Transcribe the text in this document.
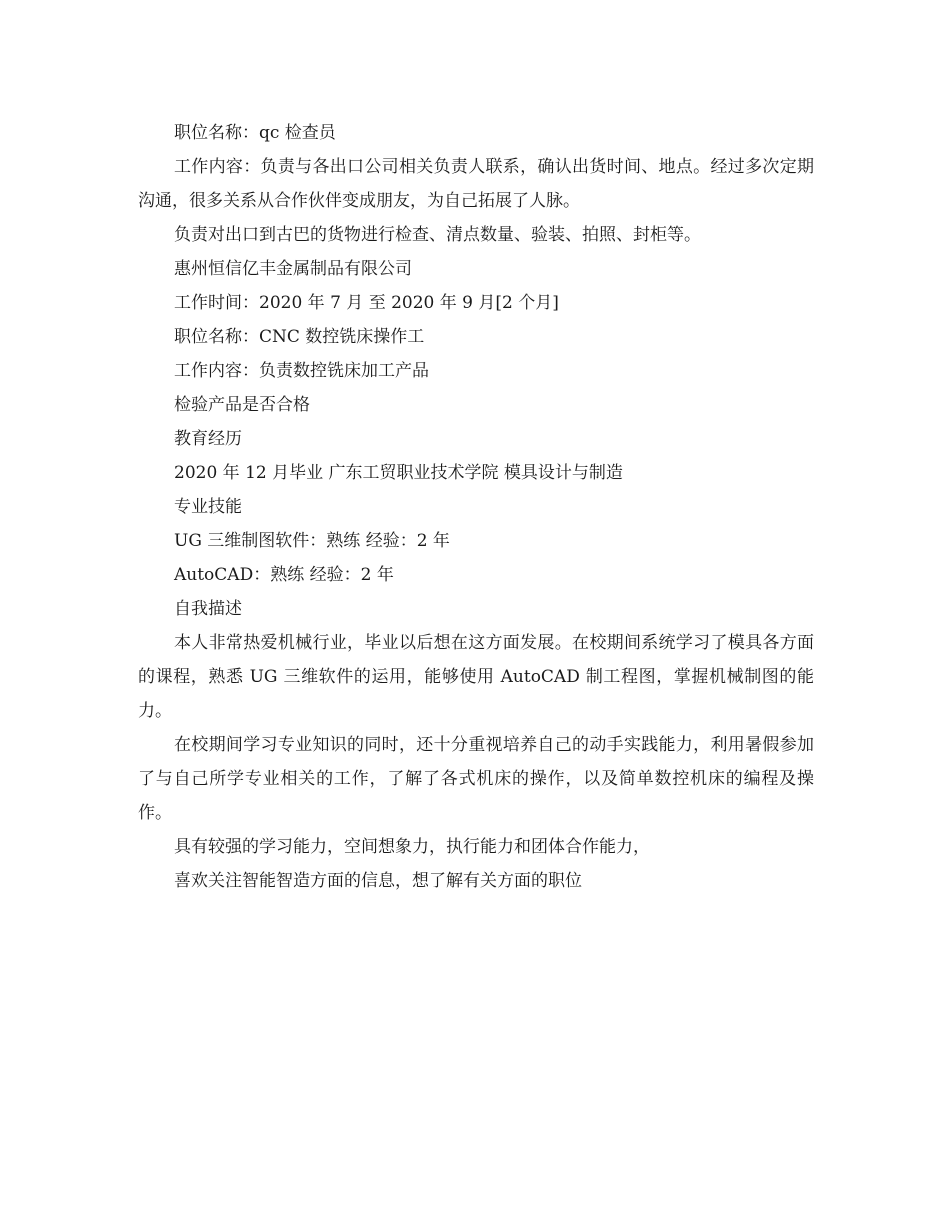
职位名称：qc 检查员

工作内容：负责与各出口公司相关负责人联系，确认出货时间、地点。经过多次定期沟通，很多关系从合作伙伴变成朋友，为自己拓展了人脉。

负责对出口到古巴的货物进行检查、清点数量、验装、拍照、封柜等。
惠州恒信亿丰金属制品有限公司
工作时间：2020 年 7 月 至 2020 年 9 月[2 个月]
职位名称：CNC 数控铣床操作工
工作内容：负责数控铣床加工产品
检验产品是否合格
教育经历
2020 年 12 月毕业 广东工贸职业技术学院 模具设计与制造
专业技能
UG 三维制图软件：熟练 经验：2 年
AutoCAD：熟练 经验：2 年
自我描述

本人非常热爱机械行业，毕业以后想在这方面发展。在校期间系统学习了模具各方面的课程，熟悉 UG 三维软件的运用，能够使用 AutoCAD 制工程图，掌握机械制图的能力。

在校期间学习专业知识的同时，还十分重视培养自己的动手实践能力，利用暑假参加了与自己所学专业相关的工作，了解了各式机床的操作，以及简单数控机床的编程及操作。

具有较强的学习能力，空间想象力，执行能力和团体合作能力，
喜欢关注智能智造方面的信息，想了解有关方面的职位
